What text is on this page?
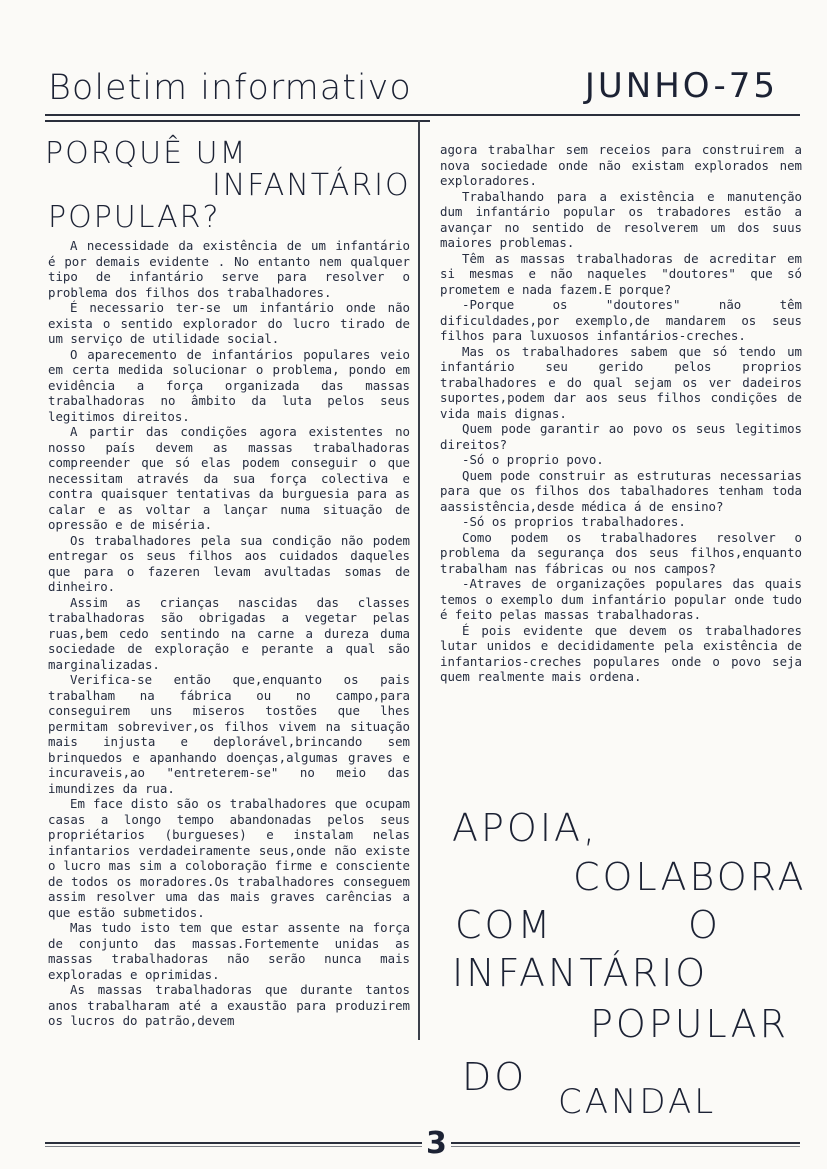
Boletim informativo	JUNHO-75
PORQUÊ UM
INFANTÁRIO
POPULAR?

A necessidade da existência de um infantário é por demais evidente . No entanto nem qualquer tipo de infantário serve para resolver o problema dos filhos dos trabalhadores.

É necessario ter-se um infantário onde não exista o sentido explorador do lucro tirado de um serviço de utilidade social.

O aparecemento de infantários populares veio em certa medida solucionar o problema, pondo em evidência a força organizada das massas trabalhadoras no âmbito da luta pelos seus legitimos direitos.

A partir das condições agora existentes no nosso país devem as massas trabalhadoras compreender que só elas podem conseguir o que necessitam através da sua força colectiva e contra quaisquer tentativas da burguesia para as calar e as voltar a lançar numa situação de opressão e de miséria.

Os trabalhadores pela sua condição não podem entregar os seus filhos aos cuidados daqueles que para o fazeren levam avultadas somas de dinheiro.

Assim as crianças nascidas das classes trabalhadoras são obrigadas a vegetar pelas ruas,bem cedo sentindo na carne a dureza duma sociedade de exploração e perante a qual são marginalizadas.

Verifica-se então que,enquanto os pais trabalham na fábrica ou no campo,para conseguirem uns miseros tostões que lhes permitam sobreviver,os filhos vivem na situação mais injusta e deplorável,brincando sem brinquedos e apanhando doenças,algumas graves e incuraveis,ao "entreterem-se" no meio das imundizes da rua.

Em face disto são os trabalhadores que ocupam casas a longo tempo abandonadas pelos seus propriétarios (burgueses) e instalam nelas infantarios verdadeiramente seus,onde não existe o lucro mas sim a coloboração firme e consciente de todos os moradores.Os trabalhadores conseguem assim resolver uma das mais graves carências a que estão submetidos.

Mas tudo isto tem que estar assente na força de conjunto das massas.Fortemente unidas as massas trabalhadoras não serão nunca mais exploradas e oprimidas.

As massas trabalhadoras que durante tantos anos trabalharam até a exaustão para produzirem os lucros do patrão,devem

agora trabalhar sem receios para construirem a nova sociedade onde não existam explorados nem exploradores.

Trabalhando para a existência e manutenção dum infantário popular os trabadores estão a avançar no sentido de resolverem um dos suus maiores problemas.

Têm as massas trabalhadoras de acreditar em si mesmas e não naqueles "doutores" que só prometem e nada fazem.E porque?

-Porque os "doutores" não têm dificuldades,por exemplo,de mandarem os seus filhos para luxuosos infantários-creches.

Mas os trabalhadores sabem que só tendo um infantário seu gerido pelos proprios trabalhadores e do qual sejam os ver dadeiros suportes,podem dar aos seus filhos condições de vida mais dignas.

Quem pode garantir ao povo os seus legitimos direitos?

-Só o proprio povo.

Quem pode construir as estruturas necessarias para que os filhos dos tabalhadores tenham toda aassistência,desde médica á de ensino?

-Só os proprios trabalhadores.

Como podem os trabalhadores resolver o problema da segurança dos seus filhos,enquanto trabalham nas fábricas ou nos campos?

-Atraves de organizações populares das quais temos o exemplo dum infantário popular onde tudo é feito pelas massas trabalhadoras.

É pois evidente que devem os trabalhadores lutar unidos e decididamente pela existência de infantarios-creches populares onde o povo seja quem realmente mais ordena.

APOIA,
COLABORA
COM	O
INFANTÁRIO
POPULAR
DO
CANDAL
3
